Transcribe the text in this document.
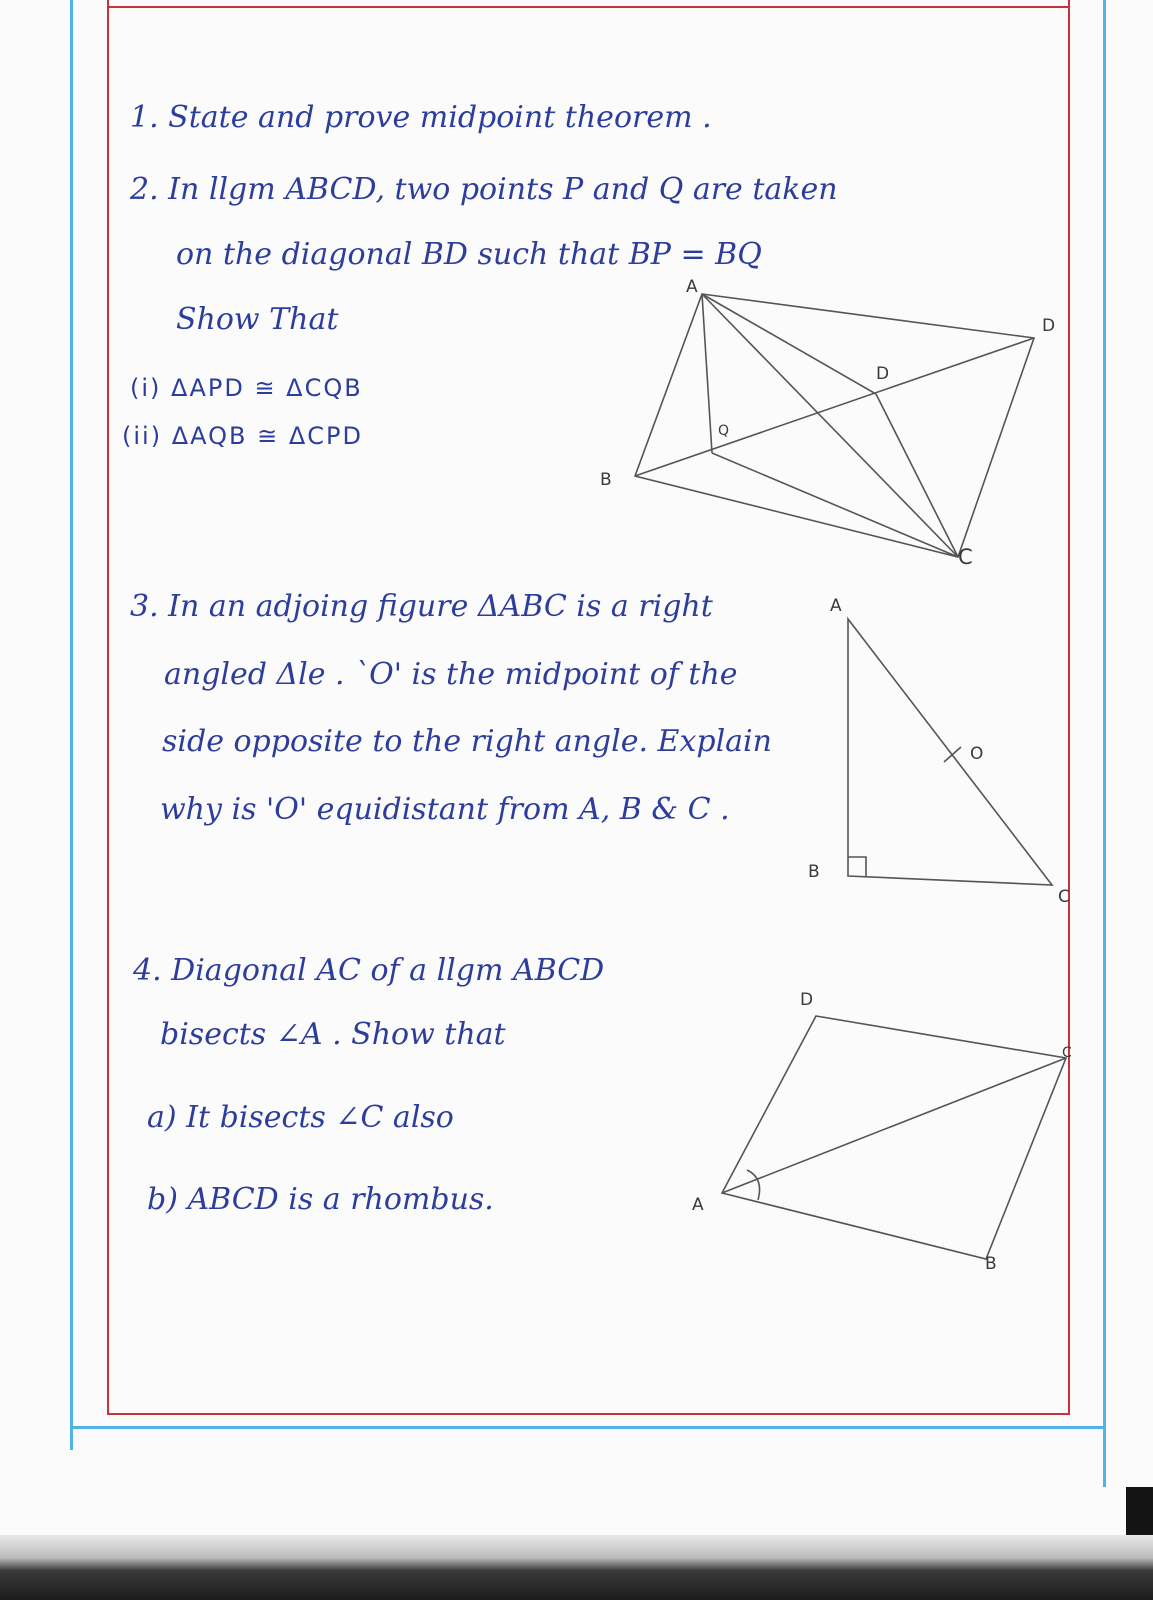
1. State and prove midpoint theorem .
2. In llgm ABCD, two points P and Q are taken
on the diagonal BD such that BP = BQ
Show That
(i) ΔAPD ≅ ΔCQB
(ii) ΔAQB ≅ ΔCPD
A
D
D
Q
B
C
3. In an adjoing figure ΔABC is a right
angled Δle . `O' is the midpoint of the
side opposite to the right angle. Explain
why is 'O' equidistant from A, B & C .
A
O
B
C
4. Diagonal AC of a llgm ABCD
bisects ∠A . Show that
a) It bisects ∠C also
b) ABCD is a rhombus.
D
C
A
B
